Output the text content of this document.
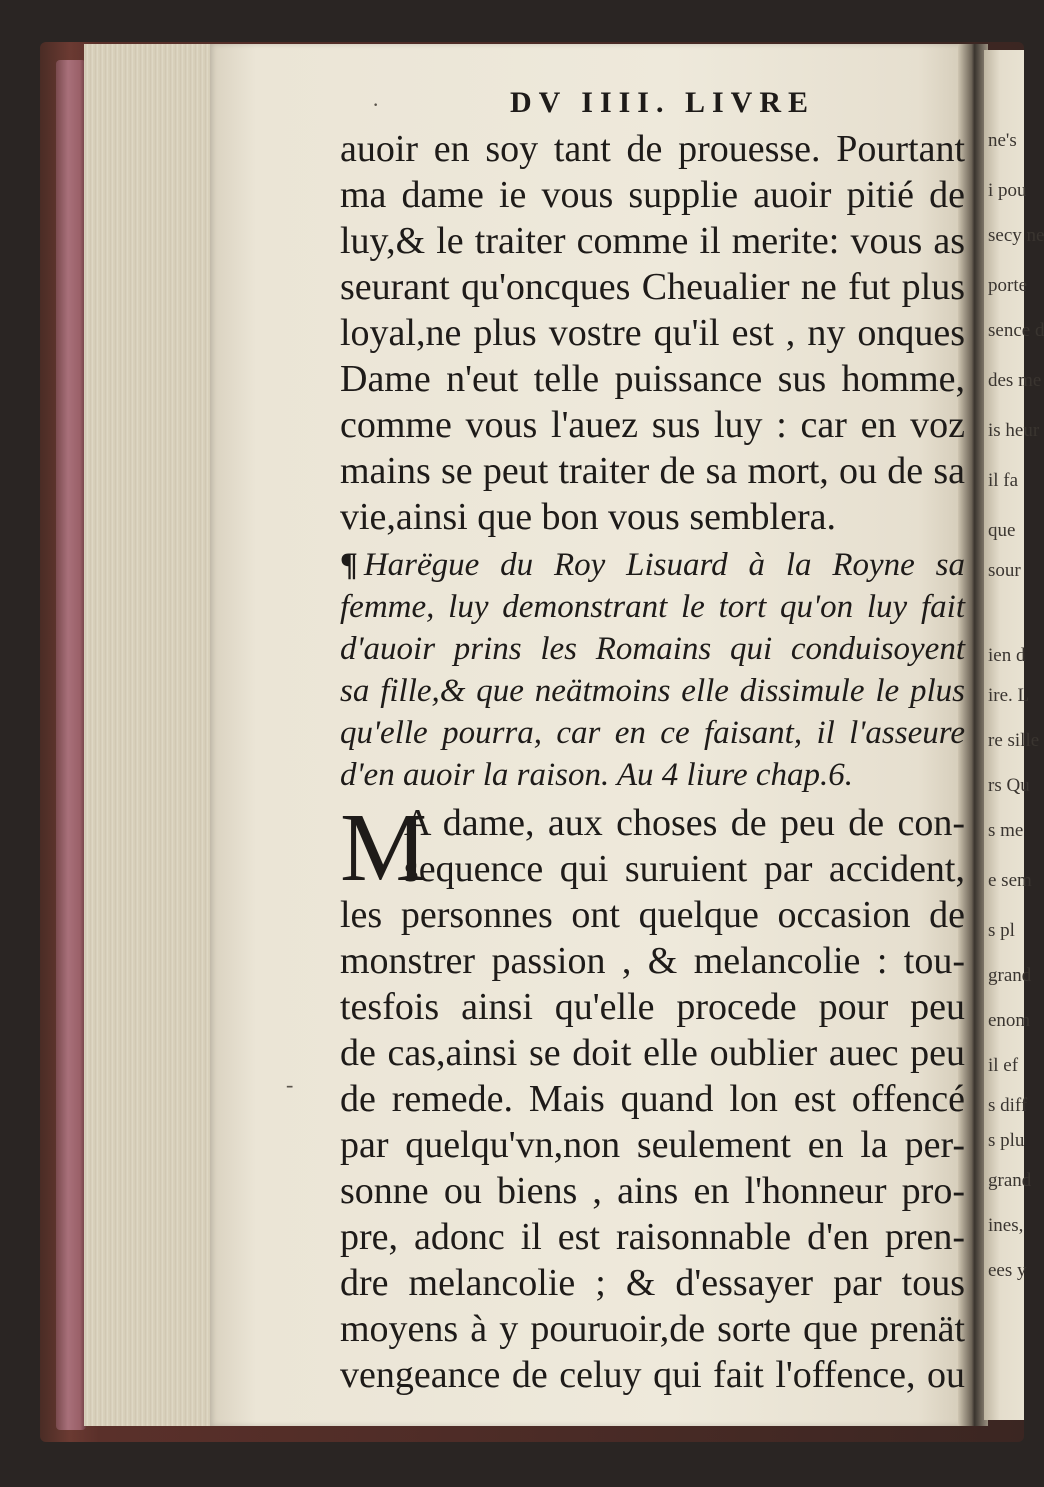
ne's
i pou
secy ne
porte
sence d
des me
is heur
il fa
que
sour
ien d
ire. L
re sille
rs Qu
s me
e sem
s pl
grand
enom
il ef
s diff
s plu
grand
ines,
ees y
·
-
DV IIII. LIVRE
auoir en soy tant de prouesse. Pourtant
ma dame ie vous supplie auoir pitié de
luy,& le traiter comme il merite: vous as
seurant qu'oncques Cheualier ne fut plus
loyal,ne plus vostre qu'il est , ny onques
Dame n'eut telle puissance sus homme,
comme vous l'auez sus luy : car en voz
mains se peut traiter de sa mort, ou de sa
vie,ainsi que bon vous semblera.
¶ Harëgue du Roy Lisuard à la Royne sa
femme, luy demonstrant le tort qu'on luy fait
d'auoir prins les Romains qui conduisoyent
sa fille,& que neätmoins elle dissimule le plus
qu'elle pourra, car en ce faisant, il l'asseure
d'en auoir la raison. Au 4 liure chap.6.
M
A dame, aux choses de peu de con-
sequence qui suruient par accident,
les personnes ont quelque occasion de
monstrer passion , & melancolie : tou-
tesfois ainsi qu'elle procede pour peu
de cas,ainsi se doit elle oublier auec peu
de remede. Mais quand lon est offencé
par quelqu'vn,non seulement en la per-
sonne ou biens , ains en l'honneur pro-
pre, adonc il est raisonnable d'en pren-
dre melancolie ; & d'essayer par tous
moyens à y pouruoir,de sorte que prenät
vengeance de celuy qui fait l'offence, ou
